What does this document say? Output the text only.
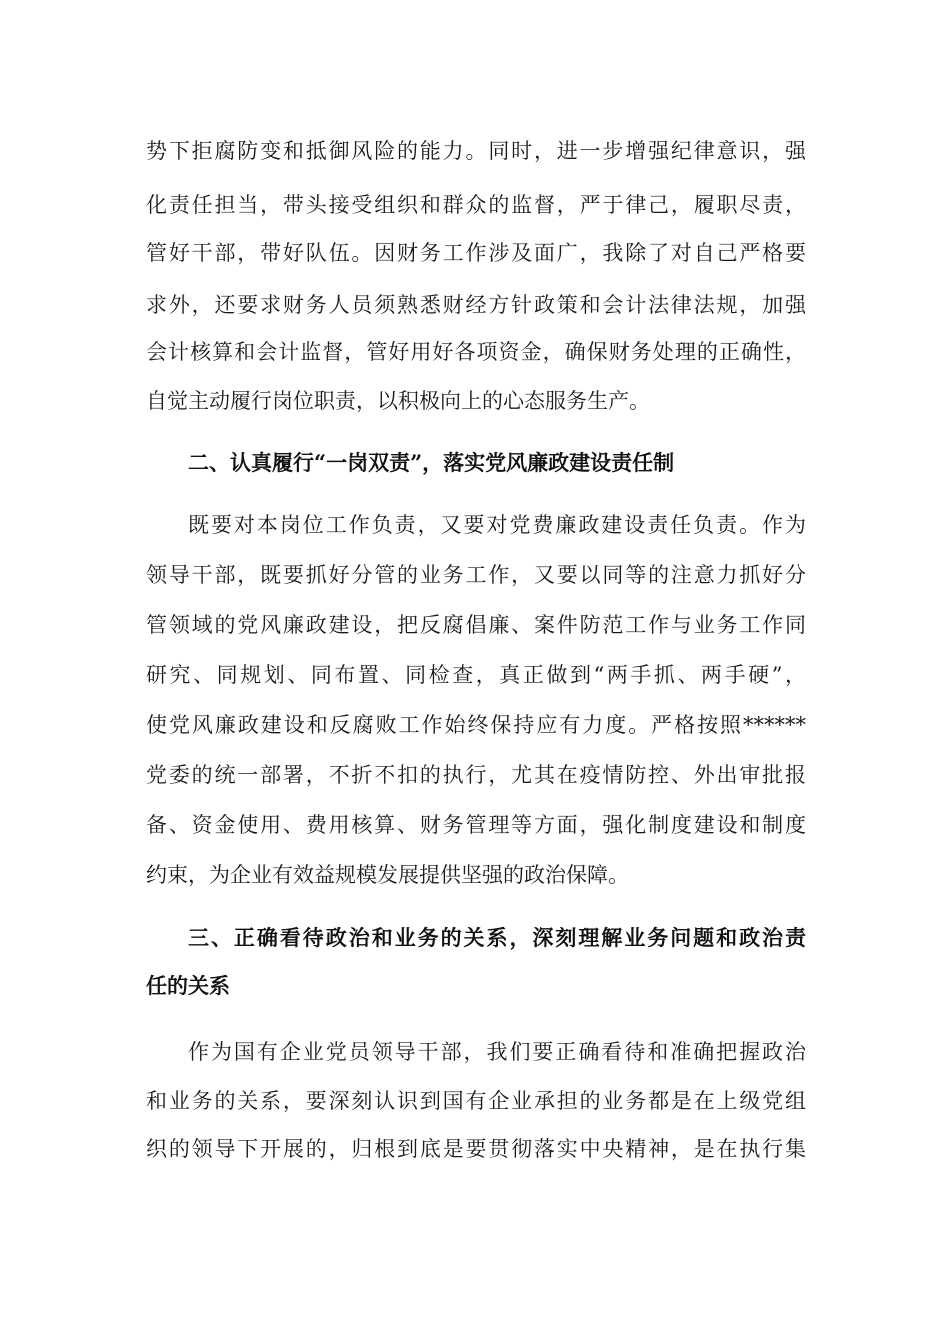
势下拒腐防变和抵御风险的能力。同时，进一步增强纪律意识，强
化责任担当，带头接受组织和群众的监督，严于律己，履职尽责，
管好干部，带好队伍。因财务工作涉及面广，我除了对自己严格要
求外，还要求财务人员须熟悉财经方针政策和会计法律法规，加强
会计核算和会计监督，管好用好各项资金，确保财务处理的正确性，
自觉主动履行岗位职责，以积极向上的心态服务生产。
二、认真履行“一岗双责”，落实党风廉政建设责任制
既要对本岗位工作负责，又要对党费廉政建设责任负责。作为
领导干部，既要抓好分管的业务工作，又要以同等的注意力抓好分
管领域的党风廉政建设，把反腐倡廉、案件防范工作与业务工作同
研究、同规划、同布置、同检查，真正做到“两手抓、两手硬”，
使党风廉政建设和反腐败工作始终保持应有力度。严格按照******
党委的统一部署，不折不扣的执行，尤其在疫情防控、外出审批报
备、资金使用、费用核算、财务管理等方面，强化制度建设和制度
约束，为企业有效益规模发展提供坚强的政治保障。
三、正确看待政治和业务的关系，深刻理解业务问题和政治责
任的关系
作为国有企业党员领导干部，我们要正确看待和准确把握政治
和业务的关系，要深刻认识到国有企业承担的业务都是在上级党组
织的领导下开展的，归根到底是要贯彻落实中央精神，是在执行集
